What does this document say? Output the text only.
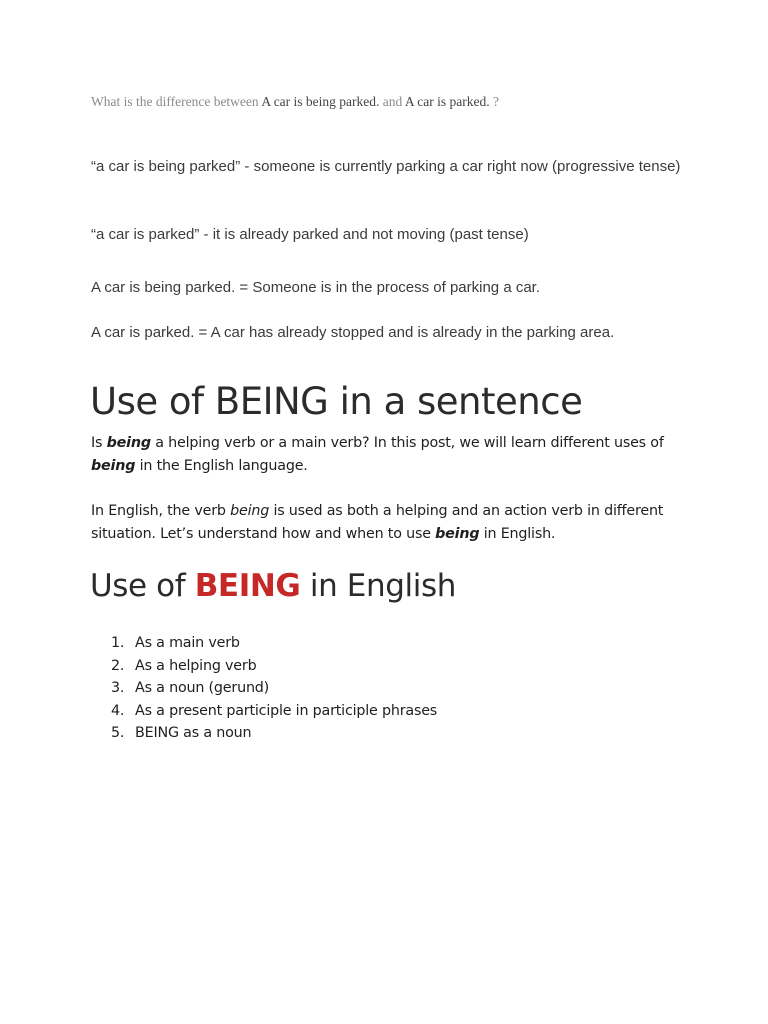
What is the difference between A car is being parked. and A car is parked. ?
“a car is being parked” - someone is currently parking a car right now (progressive tense)
“a car is parked” - it is already parked and not moving (past tense)
A car is being parked. = Someone is in the process of parking a car.
A car is parked. = A car has already stopped and is already in the parking area.
Use of BEING in a sentence
Is being a helping verb or a main verb? In this post, we will learn different uses of being in the English language.
In English, the verb being is used as both a helping and an action verb in different situation. Let’s understand how and when to use being in English.
Use of BEING in English
1. As a main verb
2. As a helping verb
3. As a noun (gerund)
4. As a present participle in participle phrases
5. BEING as a noun
